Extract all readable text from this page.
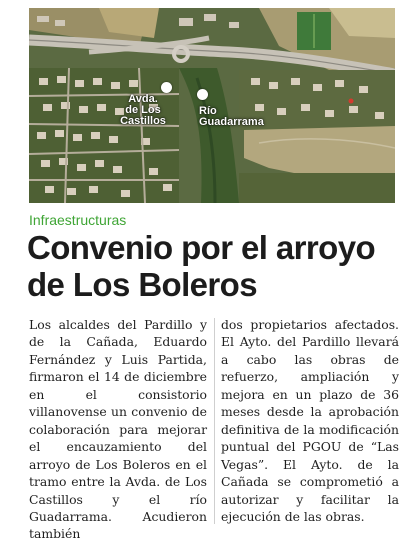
Avda.
de Los
Castillos
Río
Guadarrama
Infraestructuras
Convenio por el arroyo de Los Boleros

Los alcaldes del Pardillo y de la Cañada, Eduardo Fernández y Luis Partida, firmaron el 14 de diciembre en el consistorio villanovense un convenio de colaboración para mejorar el encauzamiento del arroyo de Los Boleros en el tramo entre la Avda. de Los Castillos y el río Guadarrama. Acudieron también

dos propietarios afectados. El Ayto. del Pardillo llevará a cabo las obras de refuerzo, ampliación y mejora en un plazo de 36 meses desde la aprobación definitiva de la modificación puntual del PGOU de “Las Vegas”. El Ayto. de la Cañada se comprometió a autorizar y facilitar la ejecución de las obras.
